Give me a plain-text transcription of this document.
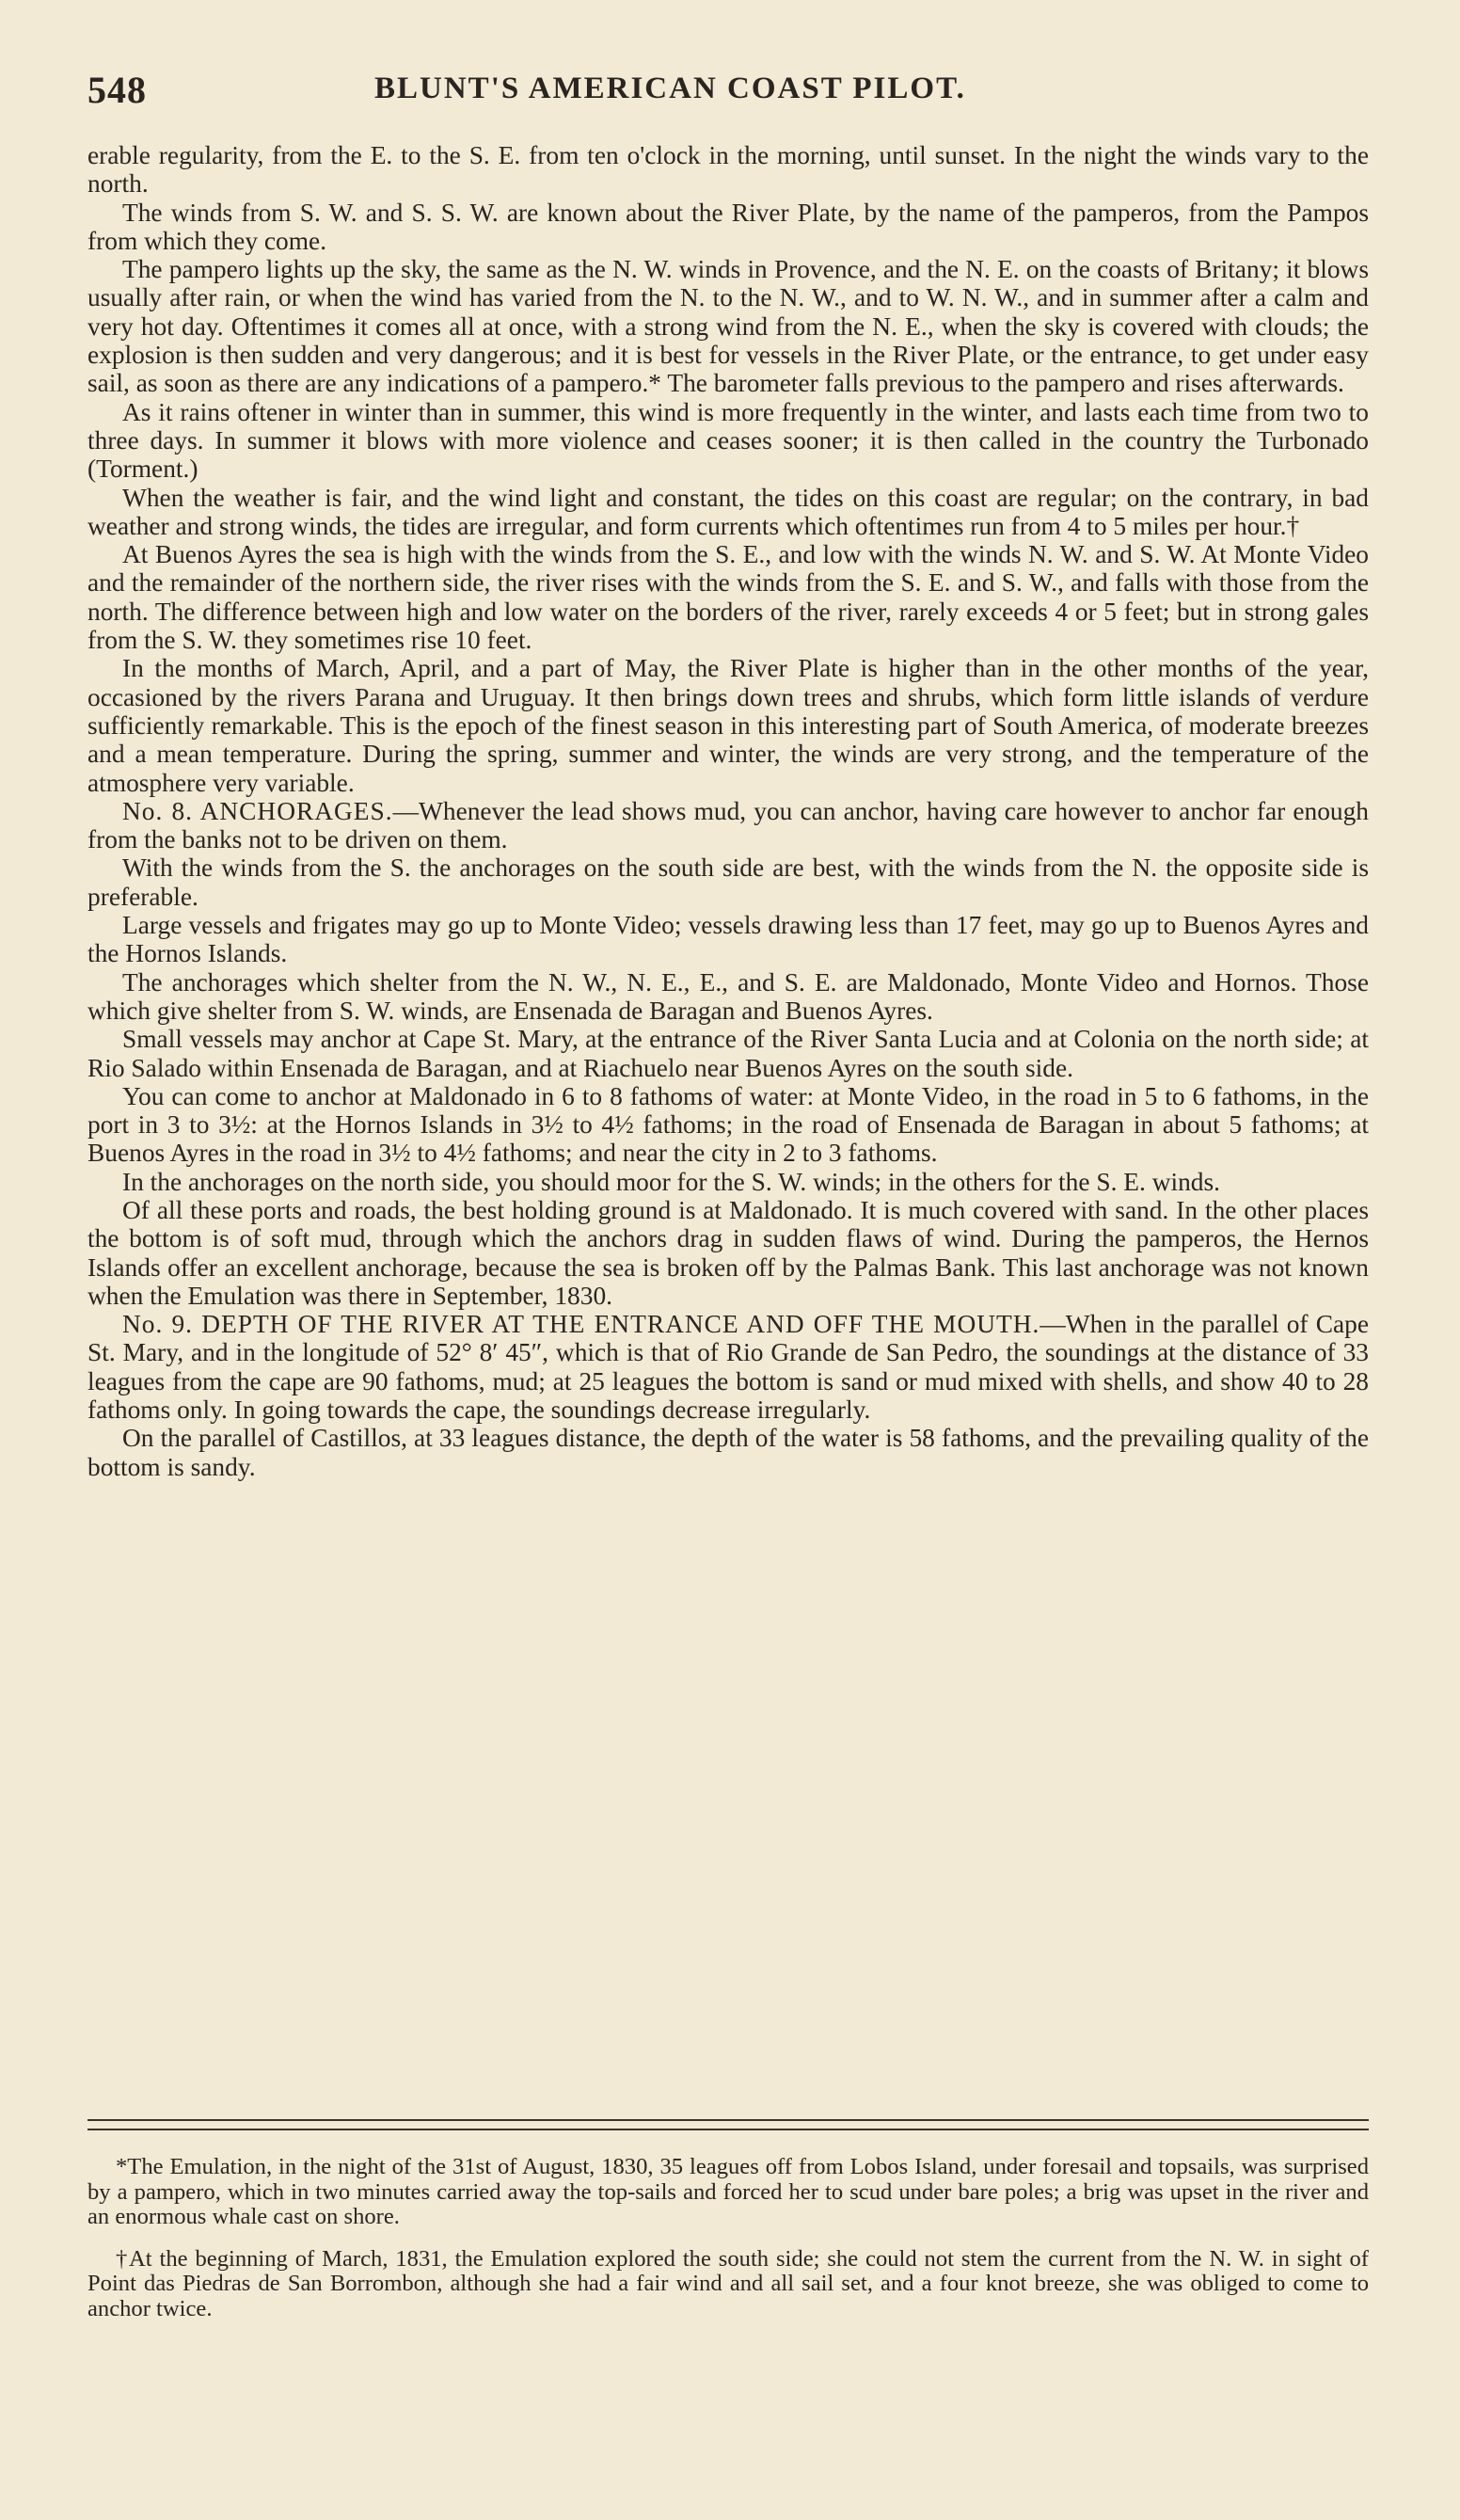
548	BLUNT'S AMERICAN COAST PILOT.

erable regularity, from the E. to the S. E. from ten o'clock in the morning, until sunset. In the night the winds vary to the north.

The winds from S. W. and S. S. W. are known about the River Plate, by the name of the pamperos, from the Pampos from which they come.

The pampero lights up the sky, the same as the N. W. winds in Provence, and the N. E. on the coasts of Britany; it blows usually after rain, or when the wind has varied from the N. to the N. W., and to W. N. W., and in summer after a calm and very hot day. Oftentimes it comes all at once, with a strong wind from the N. E., when the sky is covered with clouds; the explosion is then sudden and very dangerous; and it is best for vessels in the River Plate, or the entrance, to get under easy sail, as soon as there are any indications of a pampero.* The barometer falls previous to the pampero and rises afterwards.

As it rains oftener in winter than in summer, this wind is more frequently in the winter, and lasts each time from two to three days. In summer it blows with more violence and ceases sooner; it is then called in the country the Turbonado (Torment.)

When the weather is fair, and the wind light and constant, the tides on this coast are regular; on the contrary, in bad weather and strong winds, the tides are irregular, and form currents which oftentimes run from 4 to 5 miles per hour.†

At Buenos Ayres the sea is high with the winds from the S. E., and low with the winds N. W. and S. W. At Monte Video and the remainder of the northern side, the river rises with the winds from the S. E. and S. W., and falls with those from the north. The difference between high and low water on the borders of the river, rarely exceeds 4 or 5 feet; but in strong gales from the S. W. they sometimes rise 10 feet.

In the months of March, April, and a part of May, the River Plate is higher than in the other months of the year, occasioned by the rivers Parana and Uruguay. It then brings down trees and shrubs, which form little islands of verdure sufficiently remarkable. This is the epoch of the finest season in this interesting part of South America, of moderate breezes and a mean temperature. During the spring, summer and winter, the winds are very strong, and the temperature of the atmosphere very variable.

No. 8. ANCHORAGES.—Whenever the lead shows mud, you can anchor, having care however to anchor far enough from the banks not to be driven on them.

With the winds from the S. the anchorages on the south side are best, with the winds from the N. the opposite side is preferable.

Large vessels and frigates may go up to Monte Video; vessels drawing less than 17 feet, may go up to Buenos Ayres and the Hornos Islands.

The anchorages which shelter from the N. W., N. E., E., and S. E. are Maldonado, Monte Video and Hornos. Those which give shelter from S. W. winds, are Ensenada de Baragan and Buenos Ayres.

Small vessels may anchor at Cape St. Mary, at the entrance of the River Santa Lucia and at Colonia on the north side; at Rio Salado within Ensenada de Baragan, and at Riachuelo near Buenos Ayres on the south side.

You can come to anchor at Maldonado in 6 to 8 fathoms of water: at Monte Video, in the road in 5 to 6 fathoms, in the port in 3 to 3½: at the Hornos Islands in 3½ to 4½ fathoms; in the road of Ensenada de Baragan in about 5 fathoms; at Buenos Ayres in the road in 3½ to 4½ fathoms; and near the city in 2 to 3 fathoms.

In the anchorages on the north side, you should moor for the S. W. winds; in the others for the S. E. winds.

Of all these ports and roads, the best holding ground is at Maldonado. It is much covered with sand. In the other places the bottom is of soft mud, through which the anchors drag in sudden flaws of wind. During the pamperos, the Hernos Islands offer an excellent anchorage, because the sea is broken off by the Palmas Bank. This last anchorage was not known when the Emulation was there in September, 1830.

No. 9. DEPTH OF THE RIVER AT THE ENTRANCE AND OFF THE MOUTH.—When in the parallel of Cape St. Mary, and in the longitude of 52° 8′ 45″, which is that of Rio Grande de San Pedro, the soundings at the distance of 33 leagues from the cape are 90 fathoms, mud; at 25 leagues the bottom is sand or mud mixed with shells, and show 40 to 28 fathoms only. In going towards the cape, the soundings decrease irregularly.

On the parallel of Castillos, at 33 leagues distance, the depth of the water is 58 fathoms, and the prevailing quality of the bottom is sandy.

*The Emulation, in the night of the 31st of August, 1830, 35 leagues off from Lobos Island, under foresail and topsails, was surprised by a pampero, which in two minutes carried away the top-sails and forced her to scud under bare poles; a brig was upset in the river and an enormous whale cast on shore.

†At the beginning of March, 1831, the Emulation explored the south side; she could not stem the current from the N. W. in sight of Point das Piedras de San Borrombon, although she had a fair wind and all sail set, and a four knot breeze, she was obliged to come to anchor twice.
